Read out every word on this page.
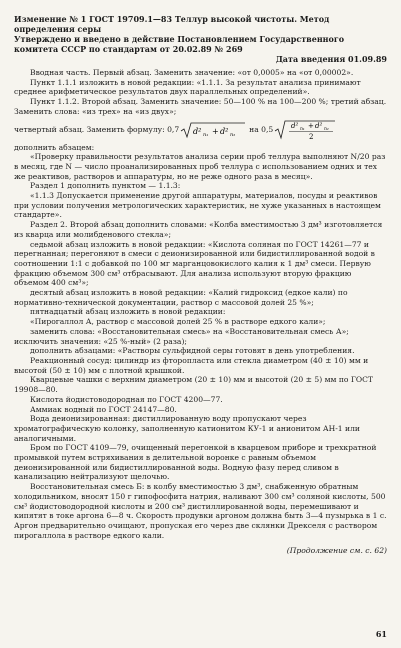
Изменение № 1 ГОСТ 19709.1—83 Теллур высокой чистоты. Метод определения серы

Утверждено и введено в действие Постановлением Государственного комитета СССР по стандартам от 20.02.89 № 269

Дата введения 01.09.89

Вводная часть. Первый абзац. Заменить значение: «от 0,0005» на «от 0,00002».

Пункт 1.1.1 изложить в новой редакции: «1.1.1. За результат анализа принимают среднее арифметическое результатов двух параллельных определений».

Пункт 1.1.2. Второй абзац. Заменить значение: 50—100 % на 100—200 %; третий абзац. Заменить слова: «из трех» на «из двух»;

четвертый абзац. Заменить формулу: 0,7 d² n₁ + d² n₂
на 0,5	d² n₁ + d² n₂
2

дополнить абзацем:

«Проверку правильности результатов анализа серии проб теллура выполняют N/20 раз в месяц, где N — число проанализированных проб теллура с использованием одних и тех же реактивов, растворов и аппаратуры, но не реже одного раза в месяц».

Раздел 1 дополнить пунктом — 1.1.3:

«1.1.3 Допускается применение другой аппаратуры, материалов, посуды и реактивов при условии получения метрологических характеристик, не хуже указанных в настоящем стандарте».

Раздел 2. Второй абзац дополнить словами: «Колба вместимостью 3 дм³ изготовляется из кварца или молибденового стекла»;

седьмой абзац изложить в новой редакции: «Кислота соляная по ГОСТ 14261—77 и перегнанная; перегоняют в смеси с деионизированной или бидистиллированной водой в соотношении 1:1 с добавкой по 100 мг марганцовокислого калия к 1 дм³ смеси. Первую фракцию объемом 300 см³ отбрасывают. Для анализа используют вторую фракцию объемом 400 см³»;

десятый абзац изложить в новой редакции: «Калий гидроксид (едкое кали) по нормативно-технической документации, раствор с массовой долей 25 %»;

пятнадцатый абзац изложить в новой редакции:

«Пирогаллол А, раствор с массовой долей 25 % в растворе едкого кали»;

заменить слова: «Восстановительная смесь» на «Восстановительная смесь А»; исключить значения: «25 %-ный» (2 раза);

дополнить абзацами: «Растворы сульфидной серы готовят в день употребления.

Реакционный сосуд: цилиндр из фторопласта или стекла диаметром (40 ± 10) мм и высотой (50 ± 10) мм с плотной крышкой.

Кварцевые чашки с верхним диаметром (20 ± 10) мм и высотой (20 ± 5) мм по ГОСТ 19908—80.

Кислота йодистоводородная по ГОСТ 4200—77.

Аммиак водный по ГОСТ 24147—80.

Вода деионизированная: дистиллированную воду пропускают через хроматографическую колонку, заполненную катионитом КУ-1 и анионитом АН-1 или аналогичными.

Бром по ГОСТ 4109—79, очищенный перегонкой в кварцевом приборе и трехкратной промывкой путем встряхивания в делительной воронке с равным объемом деионизированной или бидистиллированной воды. Водную фазу перед сливом в канализацию нейтрализуют щелочью.

Восстановительная смесь Б: в колбу вместимостью 3 дм³, снабженную обратным холодильником, вносят 150 г гипофосфита натрия, наливают 300 см³ соляной кислоты, 500 см³ йодистоводородной кислоты и 200 см³ дистиллированной воды, перемешивают и кипятят в токе аргона 6—8 ч. Скорость продувки аргоном должна быть 3—4 пузырька в 1 с. Аргон предварительно очищают, пропуская его через две склянки Дрекселя с раствором пирогаллола в растворе едкого кали.

(Продолжение см. с. 62)

61
